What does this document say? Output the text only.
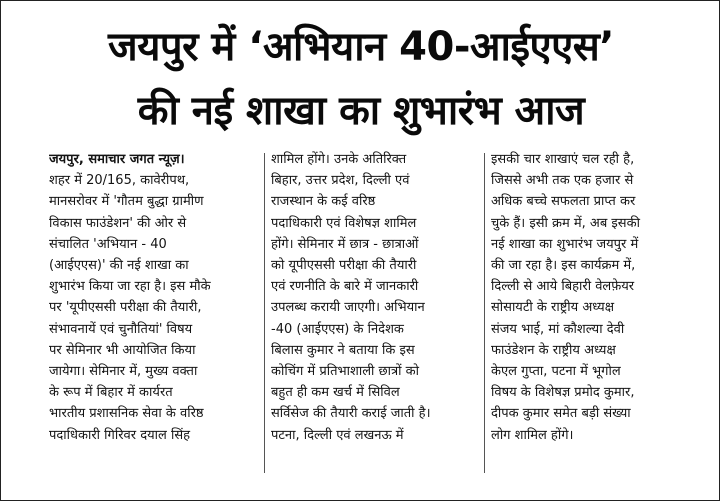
जयपुर में ‘अभियान 40-आईएएस’
की नई शाखा का शुभारंभ आज
जयपुर, समाचार जगत न्यूज़।
शहर में 20/165, कावेरीपथ,
मानसरोवर में 'गौतम बुद्धा ग्रामीण
विकास फाउंडेशन' की ओर से
संचालित 'अभियान - 40
(आईएएस)' की नई शाखा का
शुभारंभ किया जा रहा है। इस मौके
पर 'यूपीएससी परीक्षा की तैयारी,
संभावनायें एवं चुनौतियां' विषय
पर सेमिनार भी आयोजित किया
जायेगा। सेमिनार में, मुख्य वक्ता
के रूप में बिहार में कार्यरत
भारतीय प्रशासनिक सेवा के वरिष्ठ
पदाधिकारी गिरिवर दयाल सिंह
शामिल होंगे। उनके अतिरिक्त
बिहार, उत्तर प्रदेश, दिल्ली एवं
राजस्थान के कई वरिष्ठ
पदाधिकारी एवं विशेषज्ञ शामिल
होंगे। सेमिनार में छात्र - छात्राओं
को यूपीएससी परीक्षा की तैयारी
एवं रणनीति के बारे में जानकारी
उपलब्ध करायी जाएगी। अभियान
-40 (आईएएस) के निदेशक
बिलास कुमार ने बताया कि इस
कोचिंग में प्रतिभाशाली छात्रों को
बहुत ही कम खर्च में सिविल
सर्विसेज की तैयारी कराई जाती है।
पटना, दिल्ली एवं लखनऊ में
इसकी चार शाखाएं चल रही है,
जिससे अभी तक एक हजार से
अधिक बच्चे सफलता प्राप्त कर
चुके हैं। इसी क्रम में, अब इसकी
नई शाखा का शुभारंभ जयपुर में
की जा रहा है। इस कार्यक्रम में,
दिल्ली से आये बिहारी वेलफ़ेयर
सोसायटी के राष्ट्रीय अध्यक्ष
संजय भाई, मां कौशल्या देवी
फाउंडेशन के राष्ट्रीय अध्यक्ष
केएल गुप्ता, पटना में भूगोल
विषय के विशेषज्ञ प्रमोद कुमार,
दीपक कुमार समेत बड़ी संख्या
लोग शामिल होंगे।
